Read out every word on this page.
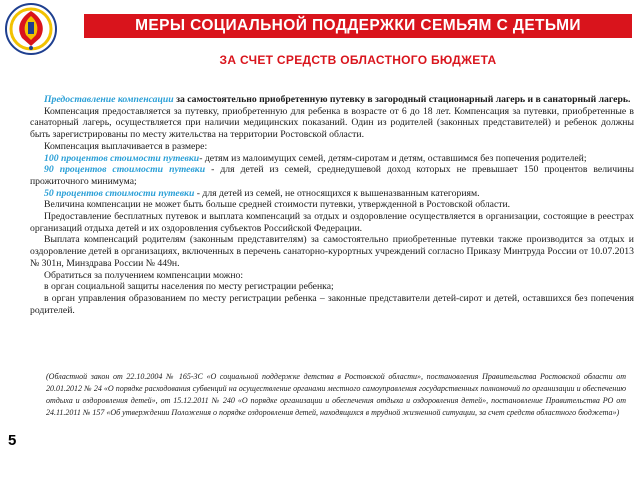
МЕРЫ СОЦИАЛЬНОЙ ПОДДЕРЖКИ СЕМЬЯМ С ДЕТЬМИ
ЗА СЧЕТ СРЕДСТВ ОБЛАСТНОГО БЮДЖЕТА

Предоставление компенсации за самостоятельно приобретенную путевку в загородный стационарный лагерь и в санаторный лагерь.

Компенсация предоставляется за путевку, приобретенную для ребенка в возрасте от 6 до 18 лет. Компенсация за путевки, приобретенные в санаторный лагерь, осуществляется при наличии медицинских показаний. Один из родителей (законных представителей) и ребенок должны быть зарегистрированы по месту жительства на территории Ростовской области.

Компенсация выплачивается в размере:

100 процентов стоимости путевки- детям из малоимущих семей, детям-сиротам и детям, оставшимся без попечения родителей;

90 процентов стоимости путевки - для детей из семей, среднедушевой доход которых не превышает 150 процентов величины прожиточного минимума;

50 процентов стоимости путевки - для детей из семей, не относящихся к вышеназванным категориям.

Величина компенсации не может быть больше средней стоимости путевки, утвержденной в Ростовской области.

Предоставление бесплатных путевок и выплата компенсаций за отдых и оздоровление осуществляется в организации, состоящие в реестрах организаций отдыха детей и их оздоровления субъектов Российской Федерации.

Выплата компенсаций родителям (законным представителям) за самостоятельно приобретенные путевки также производится за отдых и оздоровление детей в организациях, включенных в перечень санаторно-курортных учреждений согласно Приказу Минтруда России от 10.07.2013 № 301н, Минздрава России № 449н.

Обратиться за получением компенсации можно:

в орган социальной защиты населения по месту регистрации ребенка;

в орган управления образованием по месту регистрации ребенка – законные представители детей-сирот и детей, оставшихся без попечения родителей.

(Областной закон от 22.10.2004 № 165-ЗС «О социальной поддержке детства в Ростовской области», постановления Правительства Ростовской области от 20.01.2012 № 24 «О порядке расходования субвенций на осуществление органами местного самоуправления государственных полномочий по организации и обеспечению отдыха и оздоровления детей», от 15.12.2011 № 240 «О порядке организации и обеспечения отдыха и оздоровления детей», постановление Правительства РО от 24.11.2011 № 157 «Об утверждении Положения о порядке оздоровления детей, находящихся в трудной жизненной ситуации, за счет средств областного бюджета»)
5
